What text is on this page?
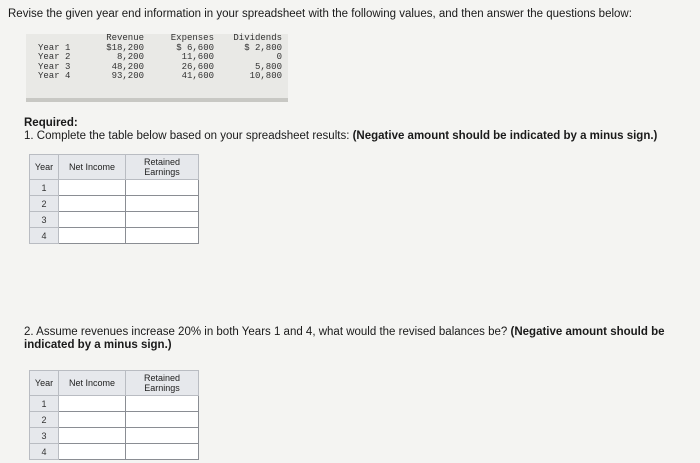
Revise the given year end information in your spreadsheet with the following values, and then answer the questions below:
	Revenue	Expenses	Dividends
Year 1	$18,200	$ 6,600	$ 2,800
Year 2	8,200	11,600	0
Year 3	48,200	26,600	5,800
Year 4	93,200	41,600	10,800
Required:
1. Complete the table below based on your spreadsheet results: (Negative amount should be indicated by a minus sign.)
Year	Net Income	Retained Earnings
1		
2		
3		
4		
2. Assume revenues increase 20% in both Years 1 and 4, what would the revised balances be? (Negative amount should be indicated by a minus sign.)
Year	Net Income	Retained Earnings
1		
2		
3		
4		
